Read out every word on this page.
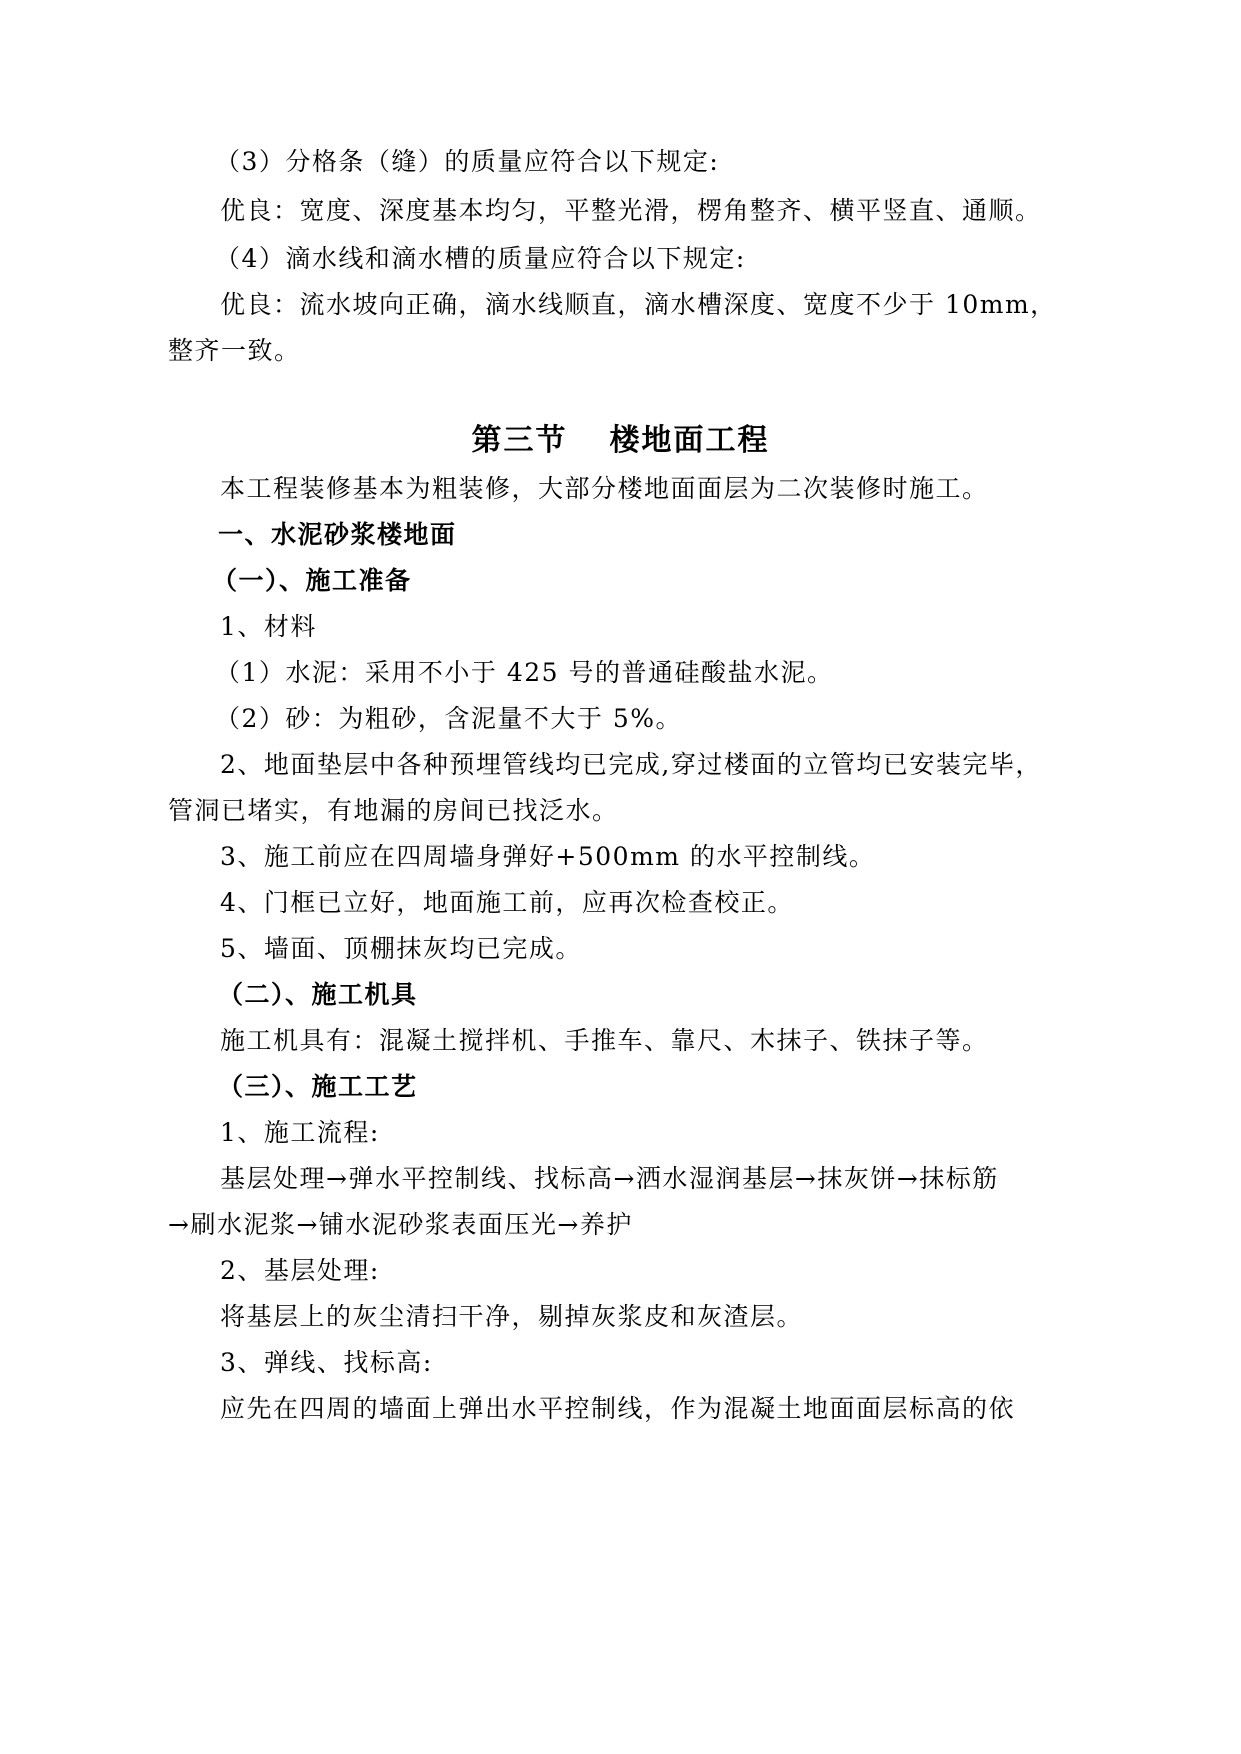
（3）分格条（缝）的质量应符合以下规定:
优良：宽度、深度基本均匀，平整光滑，楞角整齐、横平竖直、通顺。
（4）滴水线和滴水槽的质量应符合以下规定:
优良：流水坡向正确，滴水线顺直，滴水槽深度、宽度不少于 10mm，
整齐一致。
第三节 楼地面工程
本工程装修基本为粗装修，大部分楼地面面层为二次装修时施工。
一、水泥砂浆楼地面
（一）、施工准备
1、材料
（1）水泥：采用不小于 425 号的普通硅酸盐水泥。
（2）砂：为粗砂，含泥量不大于 5%。
2、地面垫层中各种预埋管线均已完成,穿过楼面的立管均已安装完毕，
管洞已堵实，有地漏的房间已找泛水。
3、施工前应在四周墙身弹好+500mm 的水平控制线。
4、门框已立好，地面施工前，应再次检查校正。
5、墙面、顶棚抹灰均已完成。
（二）、施工机具
施工机具有：混凝土搅拌机、手推车、靠尺、木抹子、铁抹子等。
（三）、施工工艺
1、施工流程:
基层处理→弹水平控制线、找标高→洒水湿润基层→抹灰饼→抹标筋
→刷水泥浆→铺水泥砂浆表面压光→养护
2、基层处理:
将基层上的灰尘清扫干净，剔掉灰浆皮和灰渣层。
3、弹线、找标高:
应先在四周的墙面上弹出水平控制线，作为混凝土地面面层标高的依
